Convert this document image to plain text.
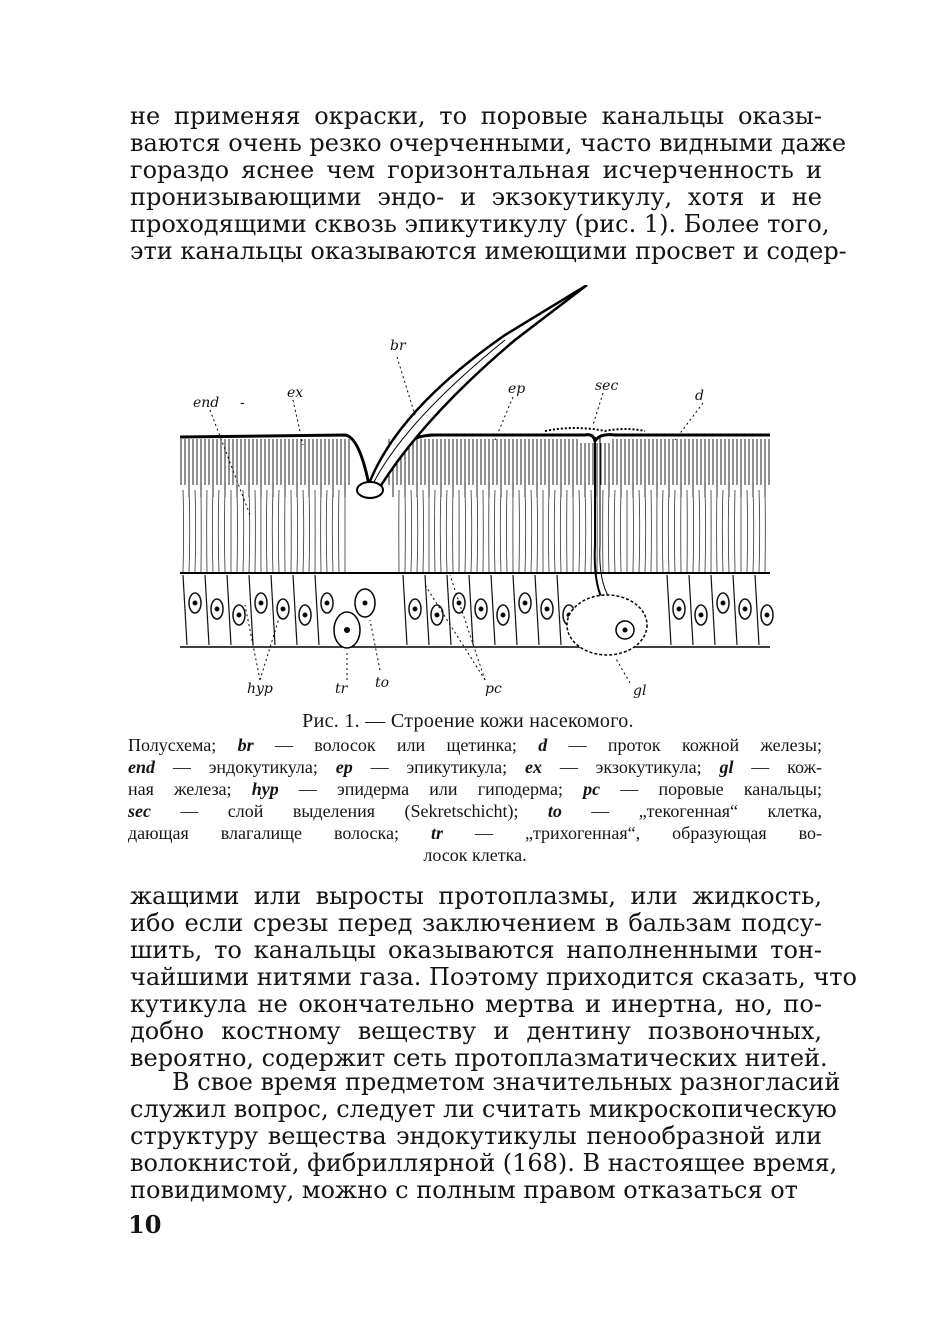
не применяя окраски, то поровые канальцы оказы-
ваются очень резко очерченными, часто видными даже
гораздо яснее чем горизонтальная исчерченность и
пронизывающими эндо- и экзокутикулу, хотя и не
проходящими сквозь эпикутикулу (рис. 1). Более того,
эти канальцы оказываются имеющими просвет и содер-
br
end -
ex	ep	sec
d
hyp	tr to	pc	gl
Рис. 1. — Строение кожи насекомого.
Полусхема; br — волосок или щетинка; d — проток кожной железы;
end — эндокутикула; ep — эпикутикула; ex — экзокутикула; gl — кож-
ная железа; hyp — эпидерма или гиподерма; pc — поровые канальцы;
sec — слой выделения (Sekretschicht); to — „текогенная“ клетка,
дающая влагалище волоска; tr — „трихогенная“, образующая во-
лосок клетка.
жащими или выросты протоплазмы, или жидкость,
ибо если срезы перед заключением в бальзам подсу-
шить, то канальцы оказываются наполненными тон-
чайшими нитями газа. Поэтому приходится сказать, что
кутикула не окончательно мертва и инертна, но, по-
добно костному веществу и дентину позвоночных,
вероятно, содержит сеть протоплазматических нитей.
В свое время предметом значительных разногласий
служил вопрос, следует ли считать микроскопическую
структуру вещества эндокутикулы пенообразной или
волокнистой, фибриллярной (168). В настоящее время,
повидимому, можно с полным правом отказаться от
10
